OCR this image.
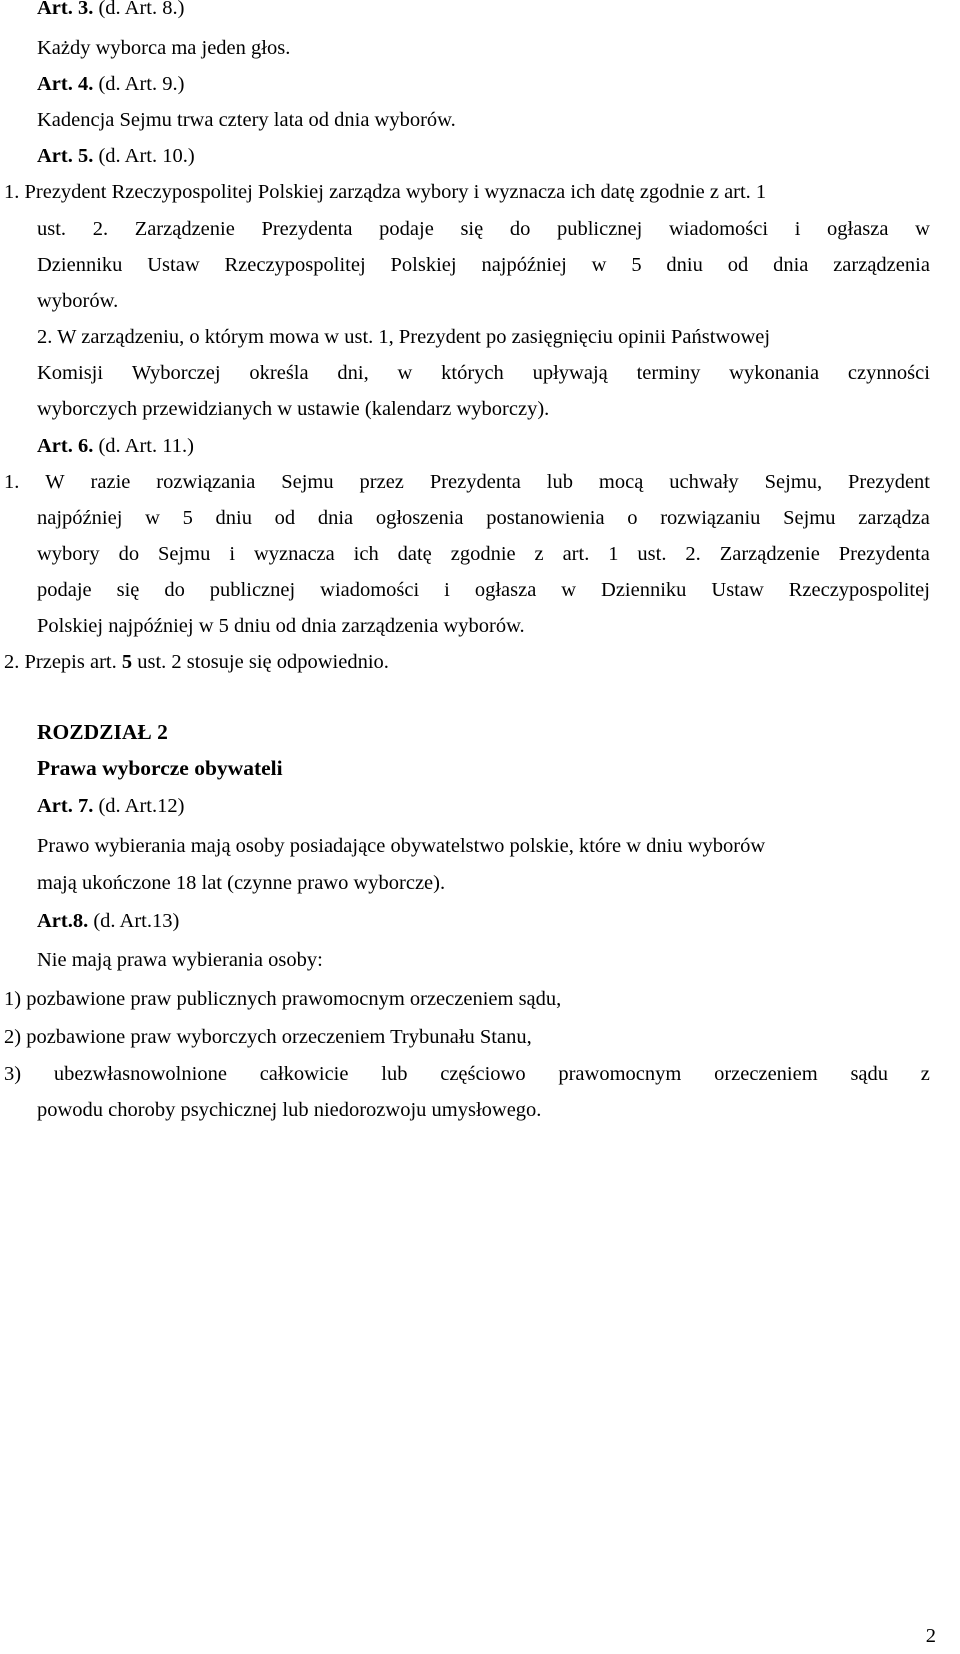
Art. 3. (d. Art. 8.)
Każdy wyborca ma jeden głos.
Art. 4. (d. Art. 9.)
Kadencja Sejmu trwa cztery lata od dnia wyborów.
Art. 5. (d. Art. 10.)
1. Prezydent Rzeczypospolitej Polskiej zarządza wybory i wyznacza ich datę zgodnie z art. 1
ust. 2. Zarządzenie Prezydenta podaje się do publicznej wiadomości i ogłasza w
Dzienniku Ustaw Rzeczypospolitej Polskiej najpóźniej w 5 dniu od dnia zarządzenia
wyborów.
2. W zarządzeniu, o którym mowa w ust. 1, Prezydent po zasięgnięciu opinii Państwowej
Komisji Wyborczej określa dni, w których upływają terminy wykonania czynności
wyborczych przewidzianych w ustawie (kalendarz wyborczy).
Art. 6. (d. Art. 11.)
1. W razie rozwiązania Sejmu przez Prezydenta lub mocą uchwały Sejmu, Prezydent
najpóźniej w 5 dniu od dnia ogłoszenia postanowienia o rozwiązaniu Sejmu zarządza
wybory do Sejmu i wyznacza ich datę zgodnie z art. 1 ust. 2. Zarządzenie Prezydenta
podaje się do publicznej wiadomości i ogłasza w Dzienniku Ustaw Rzeczypospolitej
Polskiej najpóźniej w 5 dniu od dnia zarządzenia wyborów.
2. Przepis art. 5 ust. 2 stosuje się odpowiednio.
ROZDZIAŁ 2
Prawa wyborcze obywateli
Art. 7. (d. Art.12)
Prawo wybierania mają osoby posiadające obywatelstwo polskie, które w dniu wyborów
mają ukończone 18 lat (czynne prawo wyborcze).
Art.8. (d. Art.13)
Nie mają prawa wybierania osoby:
1) pozbawione praw publicznych prawomocnym orzeczeniem sądu,
2) pozbawione praw wyborczych orzeczeniem Trybunału Stanu,
3) ubezwłasnowolnione całkowicie lub częściowo prawomocnym orzeczeniem sądu z
powodu choroby psychicznej lub niedorozwoju umysłowego.
2
